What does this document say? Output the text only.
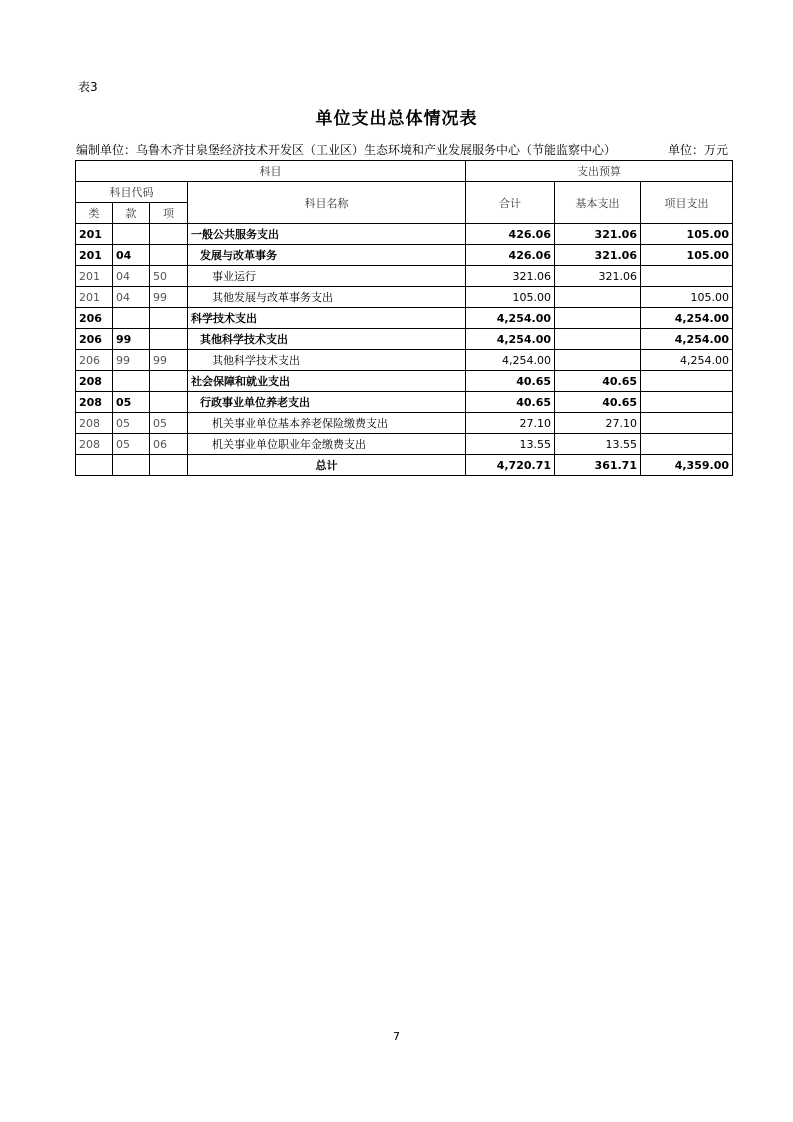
表3
单位支出总体情况表
编制单位：乌鲁木齐甘泉堡经济技术开发区（工业区）生态环境和产业发展服务中心（节能监察中心）	单位：万元
科目				支出预算		
科目代码			科目名称	合计	基本支出	项目支出
类	款	项				
201			一般公共服务支出	426.06	321.06	105.00
201	04		发展与改革事务	426.06	321.06	105.00
201	04	50	事业运行	321.06	321.06	
201	04	99	其他发展与改革事务支出	105.00		105.00
206			科学技术支出	4,254.00		4,254.00
206	99		其他科学技术支出	4,254.00		4,254.00
206	99	99	其他科学技术支出	4,254.00		4,254.00
208			社会保障和就业支出	40.65	40.65	
208	05		行政事业单位养老支出	40.65	40.65	
208	05	05	机关事业单位基本养老保险缴费支出	27.10	27.10	
208	05	06	机关事业单位职业年金缴费支出	13.55	13.55	
			总计	4,720.71	361.71	4,359.00
7
